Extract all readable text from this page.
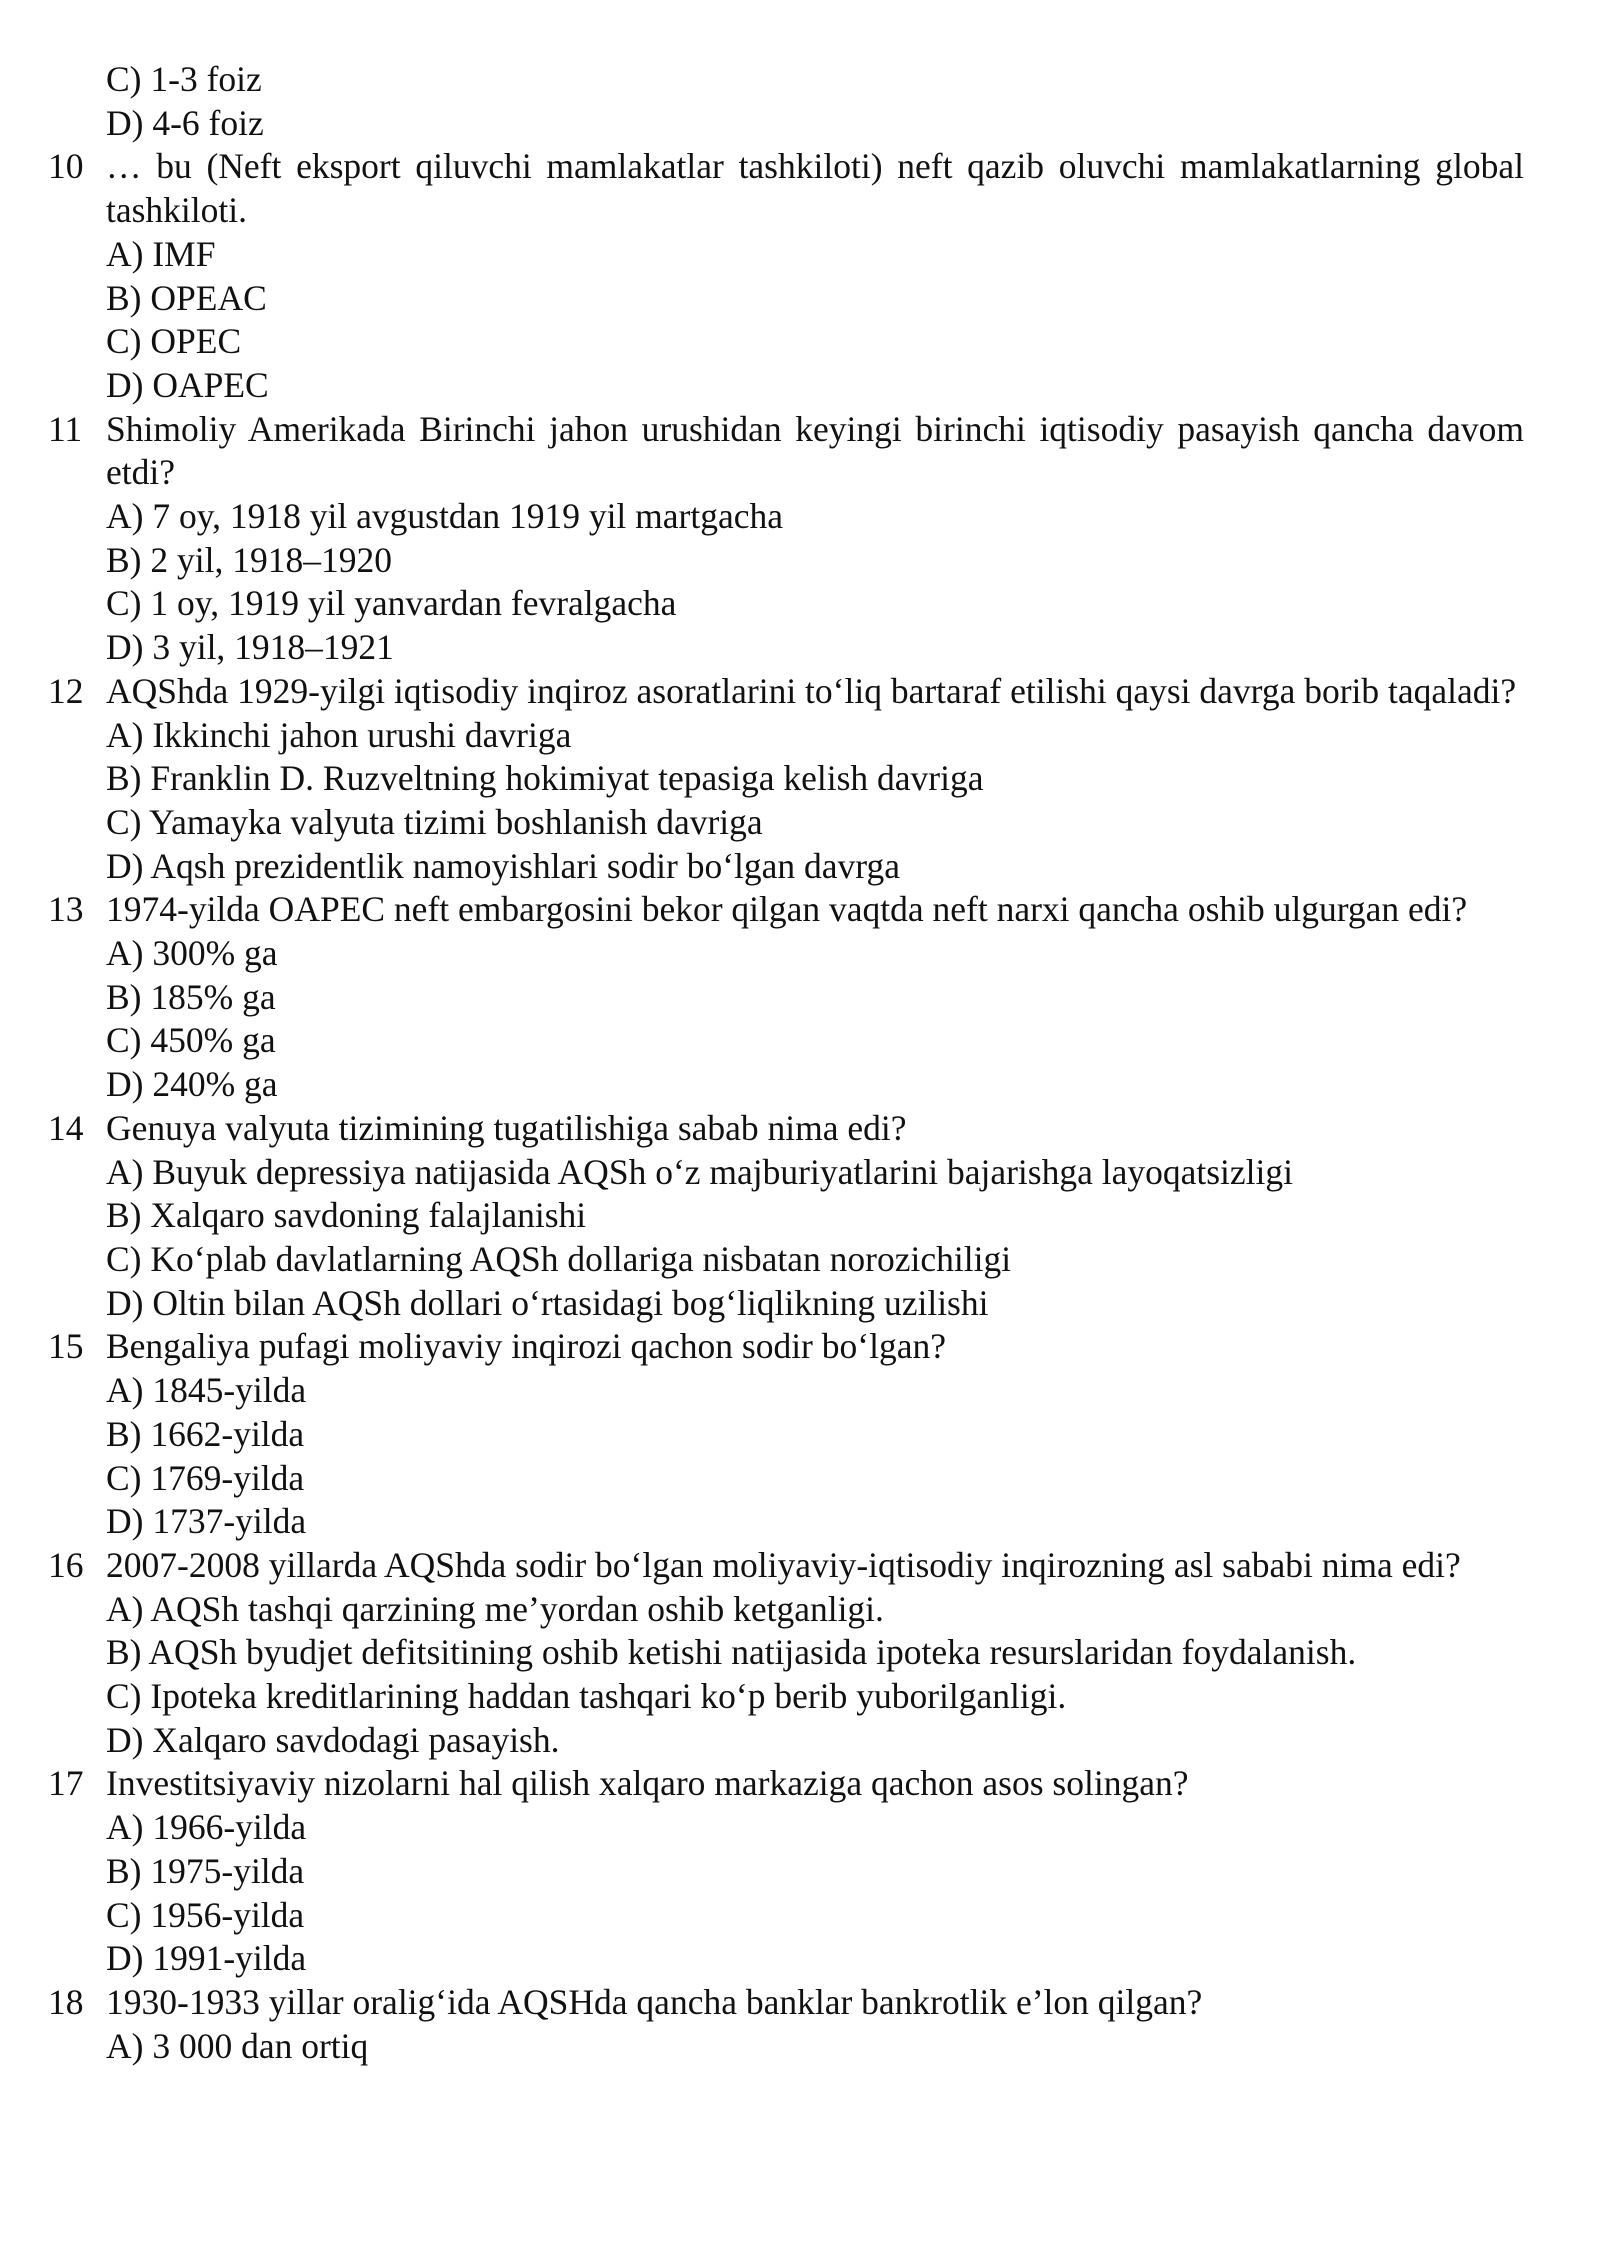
C) 1-3 foiz
D) 4-6 foiz
10 … bu (Neft eksport qiluvchi mamlakatlar tashkiloti) neft qazib oluvchi mamlakatlarning global tashkiloti.
A) IMF
B) OPEAC
C) OPEC
D) OAPEC
11 Shimoliy Amerikada Birinchi jahon urushidan keyingi birinchi iqtisodiy pasayish qancha davom etdi?
A) 7 oy, 1918 yil avgustdan 1919 yil martgacha
B) 2 yil, 1918–1920
C) 1 oy, 1919 yil yanvardan fevralgacha
D) 3 yil, 1918–1921
12 AQShda 1929-yilgi iqtisodiy inqiroz asoratlarini to‘liq bartaraf etilishi qaysi davrga borib taqaladi?
A) Ikkinchi jahon urushi davriga
B) Franklin D. Ruzveltning hokimiyat tepasiga kelish davriga
C) Yamayka valyuta tizimi boshlanish davriga
D) Aqsh prezidentlik namoyishlari sodir bo‘lgan davrga
13 1974-yilda OAPEC neft embargosini bekor qilgan vaqtda neft narxi qancha oshib ulgurgan edi?
A) 300% ga
B) 185% ga
C) 450% ga
D) 240% ga
14 Genuya valyuta tizimining tugatilishiga sabab nima edi?
A) Buyuk depressiya natijasida AQSh o‘z majburiyatlarini bajarishga layoqatsizligi
B) Xalqaro savdoning falajlanishi
C) Ko‘plab davlatlarning AQSh dollariga nisbatan norozichiligi
D) Oltin bilan AQSh dollari o‘rtasidagi bog‘liqlikning uzilishi
15 Bengaliya pufagi moliyaviy inqirozi qachon sodir bo‘lgan?
A) 1845-yilda
B) 1662-yilda
C) 1769-yilda
D) 1737-yilda
16 2007-2008 yillarda AQShda sodir bo‘lgan moliyaviy-iqtisodiy inqirozning asl sababi nima edi?
A) AQSh tashqi qarzining me’yordan oshib ketganligi.
B) AQSh byudjet defitsitining oshib ketishi natijasida ipoteka resurslaridan foydalanish.
C) Ipoteka kreditlarining haddan tashqari ko‘p berib yuborilganligi.
D) Xalqaro savdodagi pasayish.
17 Investitsiyaviy nizolarni hal qilish xalqaro markaziga qachon asos solingan?
A) 1966-yilda
B) 1975-yilda
C) 1956-yilda
D) 1991-yilda
18 1930-1933 yillar oralig‘ida AQSHda qancha banklar bankrotlik e’lon qilgan?
A) 3 000 dan ortiq
